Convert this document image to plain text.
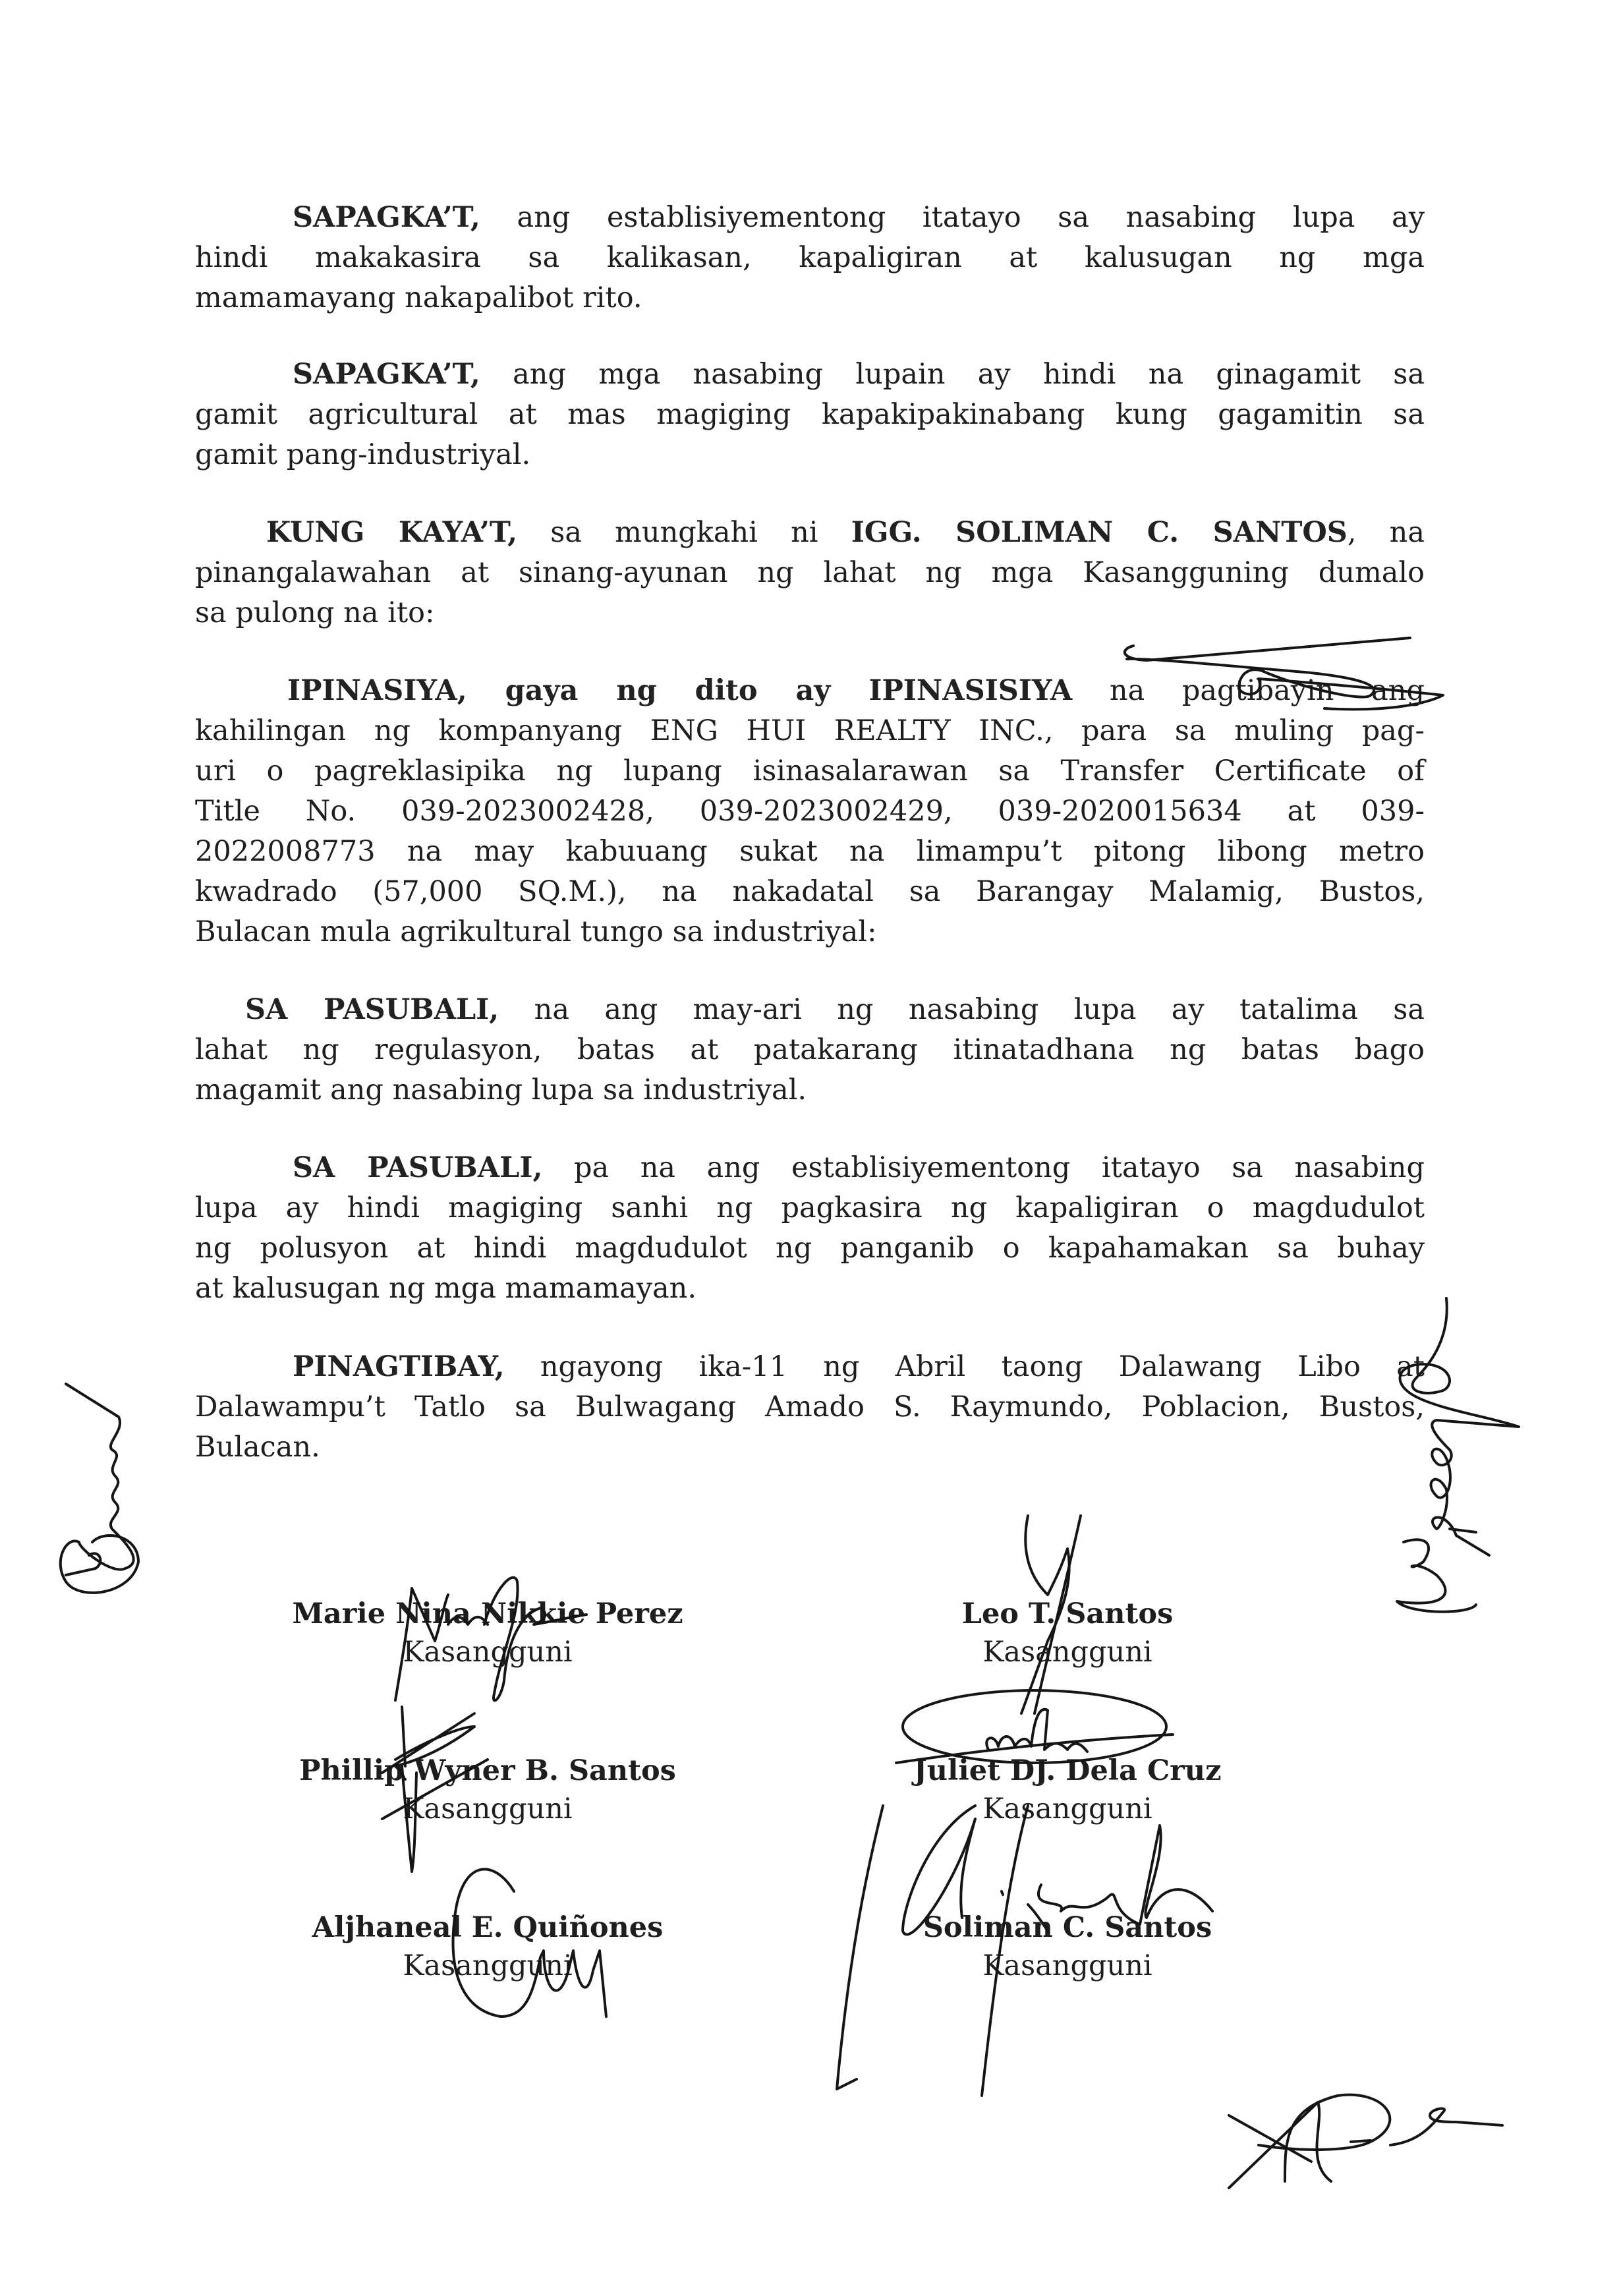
SAPAGKA’T, ang establisiyementong itatayo sa nasabing lupa ay
hindi makakasira sa kalikasan, kapaligiran at kalusugan ng mga
mamamayang nakapalibot rito.
SAPAGKA’T, ang mga nasabing lupain ay hindi na ginagamit sa
gamit agricultural at mas magiging kapakipakinabang kung gagamitin sa
gamit pang-industriyal.
KUNG KAYA’T, sa mungkahi ni IGG. SOLIMAN C. SANTOS, na
pinangalawahan at sinang-ayunan ng lahat ng mga Kasangguning dumalo
sa pulong na ito:
IPINASIYA, gaya ng dito ay IPINASISIYA na pagtibayin ang
kahilingan ng kompanyang ENG HUI REALTY INC., para sa muling pag-
uri o pagreklasipika ng lupang isinasalarawan sa Transfer Certificate of
Title No. 039-2023002428, 039-2023002429, 039-2020015634 at 039-
2022008773 na may kabuuang sukat na limampu’t pitong libong metro
kwadrado (57,000 SQ.M.), na nakadatal sa Barangay Malamig, Bustos,
Bulacan mula agrikultural tungo sa industriyal:
SA PASUBALI, na ang may-ari ng nasabing lupa ay tatalima sa
lahat ng regulasyon, batas at patakarang itinatadhana ng batas bago
magamit ang nasabing lupa sa industriyal.
SA PASUBALI, pa na ang establisiyementong itatayo sa nasabing
lupa ay hindi magiging sanhi ng pagkasira ng kapaligiran o magdudulot
ng polusyon at hindi magdudulot ng panganib o kapahamakan sa buhay
at kalusugan ng mga mamamayan.
PINAGTIBAY, ngayong ika-11 ng Abril taong Dalawang Libo at
Dalawampu’t Tatlo sa Bulwagang Amado S. Raymundo, Poblacion, Bustos,
Bulacan.
Marie Nina Nikkie Perez
Kasangguni
Leo T. Santos
Kasangguni
Phillip Wyner B. Santos
Kasangguni
Juliet DJ. Dela Cruz
Kasangguni
Aljhaneal E. Quiñones
Kasangguni
Soliman C. Santos
Kasangguni
